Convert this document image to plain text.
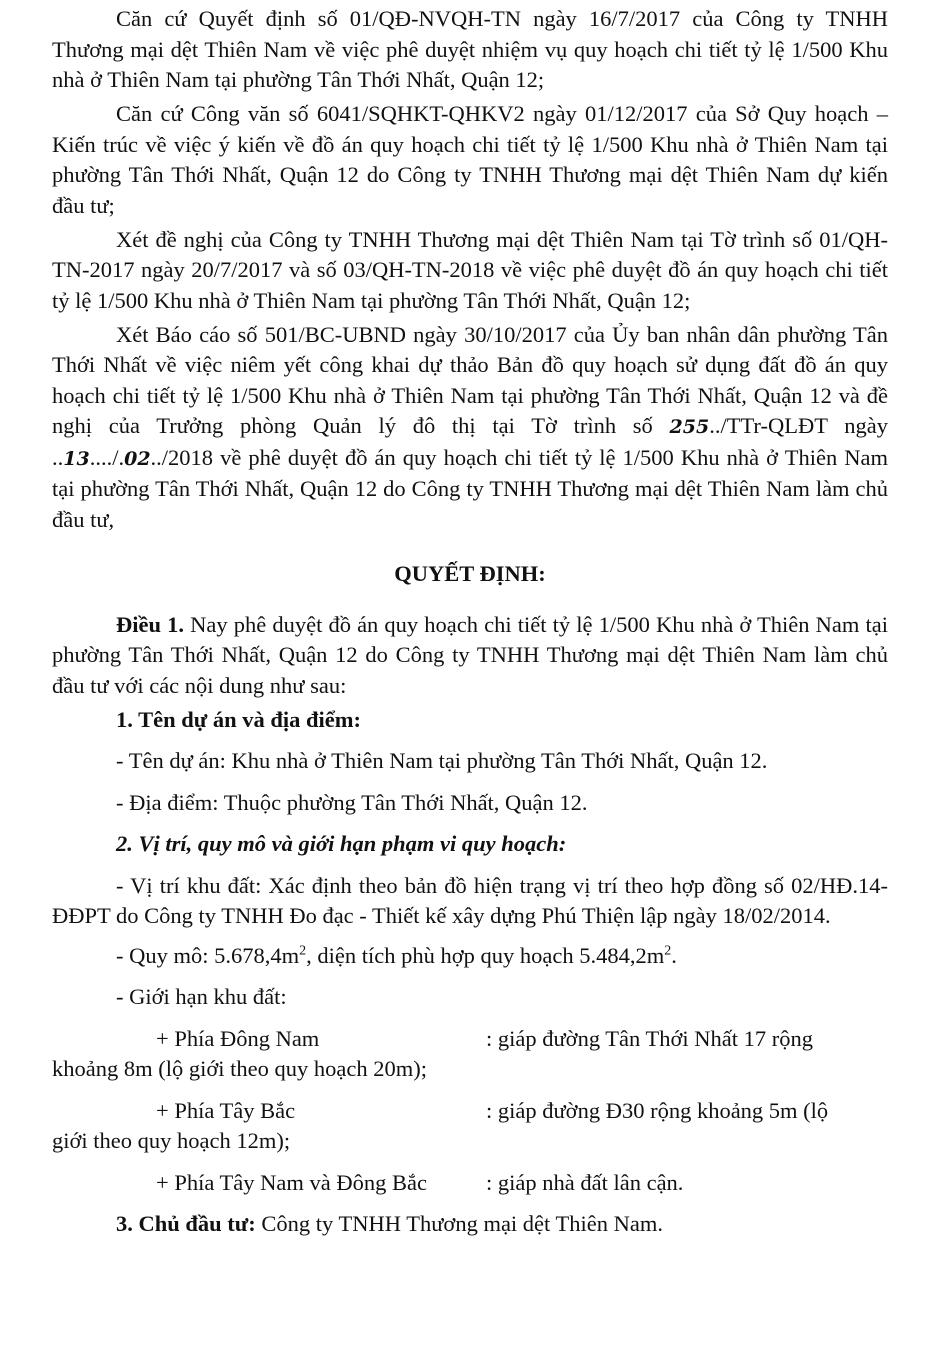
Căn cứ Quyết định số 01/QĐ-NVQH-TN ngày 16/7/2017 của Công ty TNHH Thương mại dệt Thiên Nam về việc phê duyệt nhiệm vụ quy hoạch chi tiết tỷ lệ 1/500 Khu nhà ở Thiên Nam tại phường Tân Thới Nhất, Quận 12;

Căn cứ Công văn số 6041/SQHKT-QHKV2 ngày 01/12/2017 của Sở Quy hoạch – Kiến trúc về việc ý kiến về đồ án quy hoạch chi tiết tỷ lệ 1/500 Khu nhà ở Thiên Nam tại phường Tân Thới Nhất, Quận 12 do Công ty TNHH Thương mại dệt Thiên Nam dự kiến đầu tư;

Xét đề nghị của Công ty TNHH Thương mại dệt Thiên Nam tại Tờ trình số 01/QH-TN-2017 ngày 20/7/2017 và số 03/QH-TN-2018 về việc phê duyệt đồ án quy hoạch chi tiết tỷ lệ 1/500 Khu nhà ở Thiên Nam tại phường Tân Thới Nhất, Quận 12;

Xét Báo cáo số 501/BC-UBND ngày 30/10/2017 của Ủy ban nhân dân phường Tân Thới Nhất về việc niêm yết công khai dự thảo Bản đồ quy hoạch sử dụng đất đồ án quy hoạch chi tiết tỷ lệ 1/500 Khu nhà ở Thiên Nam tại phường Tân Thới Nhất, Quận 12 và đề nghị của Trưởng phòng Quản lý đô thị tại Tờ trình số 255../TTr-QLĐT ngày ..13..../.02../2018 về phê duyệt đồ án quy hoạch chi tiết tỷ lệ 1/500 Khu nhà ở Thiên Nam tại phường Tân Thới Nhất, Quận 12 do Công ty TNHH Thương mại dệt Thiên Nam làm chủ đầu tư,

QUYẾT ĐỊNH:

Điều 1. Nay phê duyệt đồ án quy hoạch chi tiết tỷ lệ 1/500 Khu nhà ở Thiên Nam tại phường Tân Thới Nhất, Quận 12 do Công ty TNHH Thương mại dệt Thiên Nam làm chủ đầu tư với các nội dung như sau:

1. Tên dự án và địa điểm:

- Tên dự án: Khu nhà ở Thiên Nam tại phường Tân Thới Nhất, Quận 12.

- Địa điểm: Thuộc phường Tân Thới Nhất, Quận 12.

2. Vị trí, quy mô và giới hạn phạm vi quy hoạch:

- Vị trí khu đất: Xác định theo bản đồ hiện trạng vị trí theo hợp đồng số 02/HĐ.14-ĐĐPT do Công ty TNHH Đo đạc - Thiết kế xây dựng Phú Thiện lập ngày 18/02/2014.

- Quy mô: $5.678,4m^2$, diện tích phù hợp quy hoạch $5.484,2m^2$.

- Giới hạn khu đất:

+ Phía Đông Nam	: giáp đường Tân Thới Nhất 17 rộng
khoảng 8m (lộ giới theo quy hoạch 20m);
+ Phía Tây Bắc	: giáp đường Đ30 rộng khoảng 5m (lộ
giới theo quy hoạch 12m);
+ Phía Tây Nam và Đông Bắc	: giáp nhà đất lân cận.

3. Chủ đầu tư: Công ty TNHH Thương mại dệt Thiên Nam.
